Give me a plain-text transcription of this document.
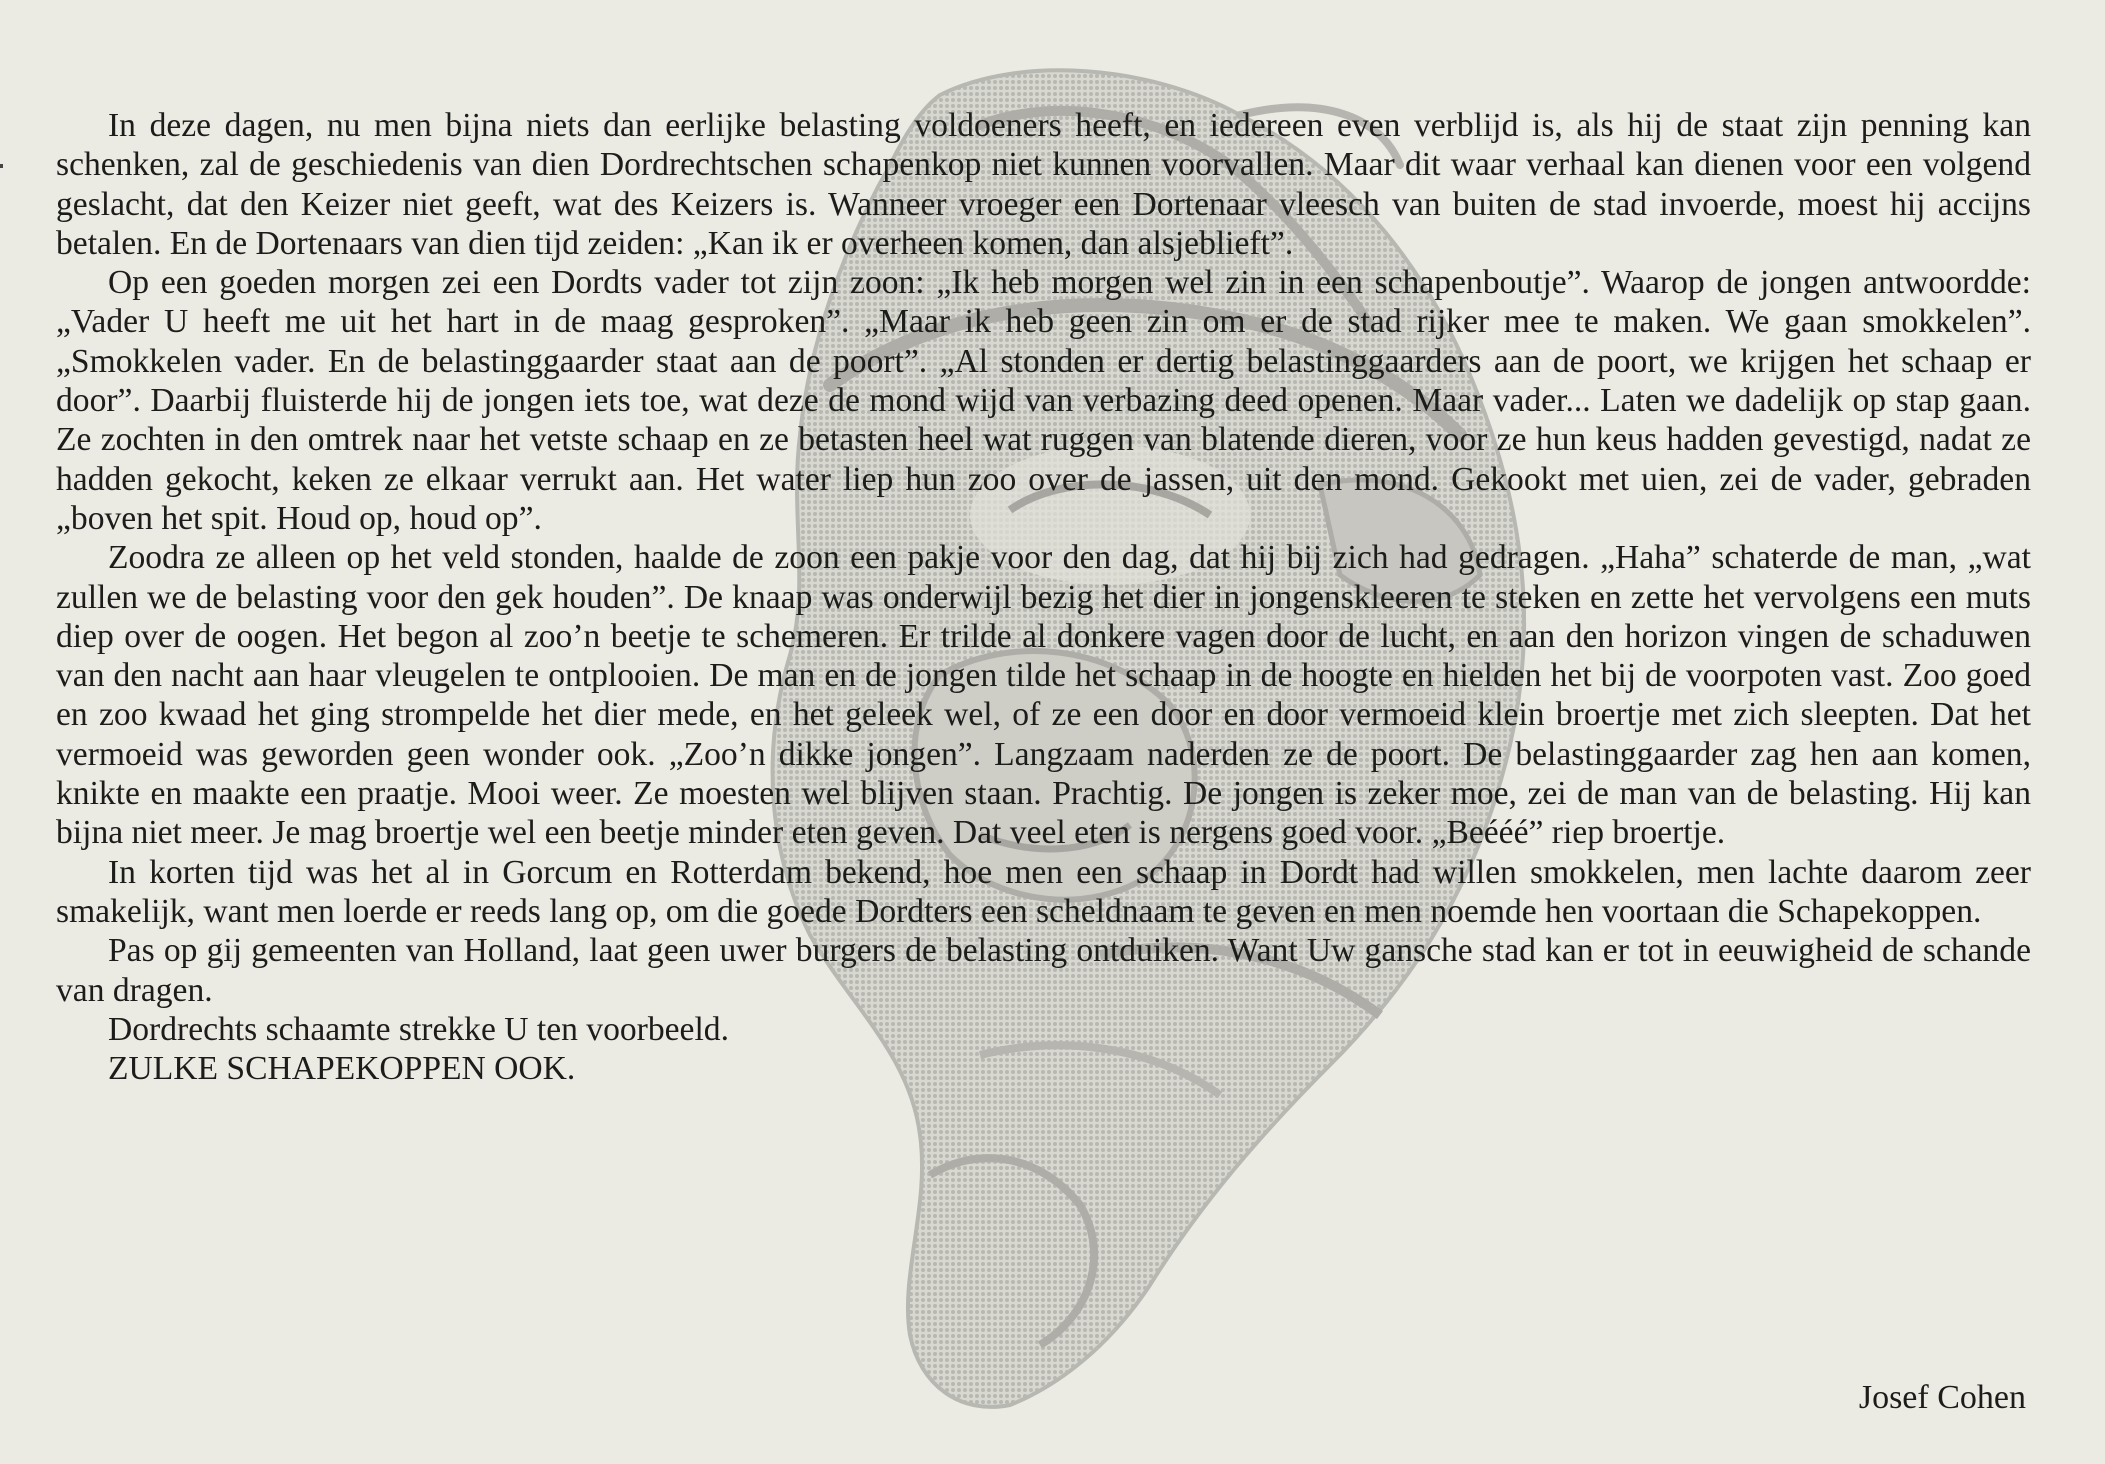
In deze dagen, nu men bijna niets dan eerlijke belasting voldoeners heeft, en iedereen even verblijd is, als hij de staat zijn penning kan schenken, zal de geschiedenis van dien Dordrechtschen schapenkop niet kunnen voorvallen. Maar dit waar verhaal kan dienen voor een volgend geslacht, dat den Keizer niet geeft, wat des Keizers is. Wanneer vroeger een Dortenaar vleesch van buiten de stad invoerde, moest hij accijns betalen. En de Dortenaars van dien tijd zeiden: „Kan ik er overheen komen, dan alsjeblieft”.

Op een goeden morgen zei een Dordts vader tot zijn zoon: „Ik heb morgen wel zin in een schapenboutje”. Waarop de jongen antwoordde: „Vader U heeft me uit het hart in de maag gesproken”. „Maar ik heb geen zin om er de stad rijker mee te maken. We gaan smokkelen”. „Smokkelen vader. En de belastinggaarder staat aan de poort”. „Al stonden er dertig belastinggaarders aan de poort, we krijgen het schaap er door”. Daarbij fluisterde hij de jongen iets toe, wat deze de mond wijd van verbazing deed openen. Maar vader... Laten we dadelijk op stap gaan. Ze zochten in den omtrek naar het vetste schaap en ze betasten heel wat ruggen van blatende dieren, voor ze hun keus hadden gevestigd, nadat ze hadden gekocht, keken ze elkaar verrukt aan. Het water liep hun zoo over de jassen, uit den mond. Gekookt met uien, zei de vader, gebraden „boven het spit. Houd op, houd op”.

Zoodra ze alleen op het veld stonden, haalde de zoon een pakje voor den dag, dat hij bij zich had gedragen. „Haha” schaterde de man, „wat zullen we de belasting voor den gek houden”. De knaap was onderwijl bezig het dier in jongenskleeren te steken en zette het vervolgens een muts diep over de oogen. Het begon al zoo’n beetje te schemeren. Er trilde al donkere vagen door de lucht, en aan den horizon vingen de schaduwen van den nacht aan haar vleugelen te ontplooien. De man en de jongen tilde het schaap in de hoogte en hielden het bij de voorpoten vast. Zoo goed en zoo kwaad het ging strompelde het dier mede, en het geleek wel, of ze een door en door vermoeid klein broertje met zich sleepten. Dat het vermoeid was geworden geen wonder ook. „Zoo’n dikke jongen”. Langzaam naderden ze de poort. De belastinggaarder zag hen aan komen, knikte en maakte een praatje. Mooi weer. Ze moesten wel blijven staan. Prachtig. De jongen is zeker moe, zei de man van de belasting. Hij kan bijna niet meer. Je mag broertje wel een beetje minder eten geven. Dat veel eten is nergens goed voor. „Beééé” riep broertje.

In korten tijd was het al in Gorcum en Rotterdam bekend, hoe men een schaap in Dordt had willen smokkelen, men lachte daarom zeer smakelijk, want men loerde er reeds lang op, om die goede Dordters een scheldnaam te geven en men noemde hen voortaan die Schapekoppen.

Pas op gij gemeenten van Holland, laat geen uwer burgers de belasting ontduiken. Want Uw gansche stad kan er tot in eeuwigheid de schande van dragen.

Dordrechts schaamte strekke U ten voorbeeld.

ZULKE SCHAPEKOPPEN OOK.

Josef Cohen
